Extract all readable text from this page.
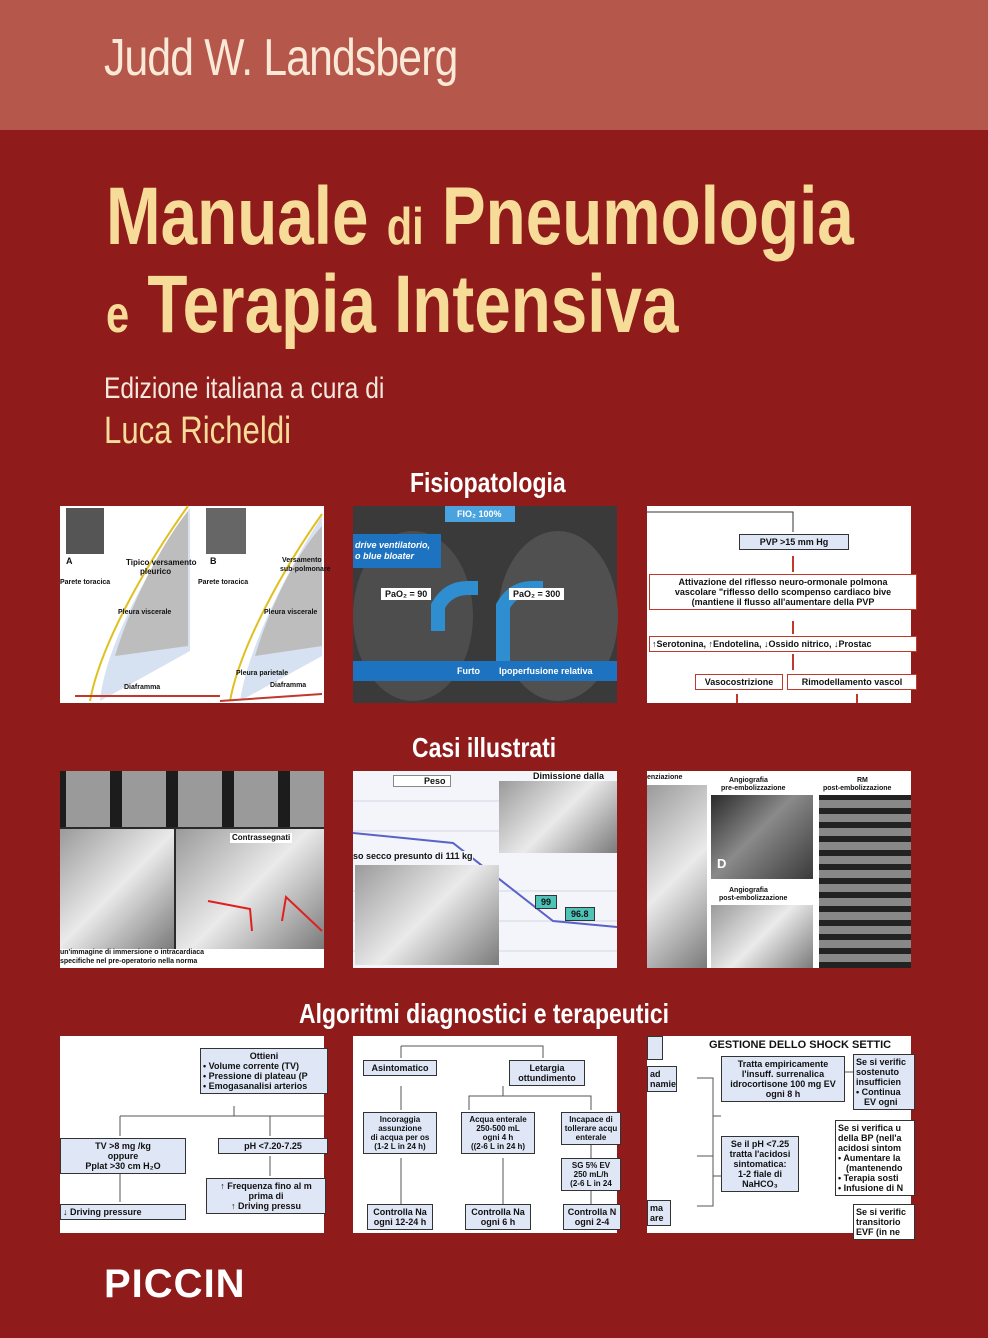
Judd W. Landsberg
Manuale di Pneumologia
e Terapia Intensiva
Edizione italiana a cura di
Luca Richeldi
Fisiopatologia
A	B
Tipico versamento
pleurico
Parete toracica
Pleura viscerale
Diaframma
Versamento
sub-polmonare
Parete toracica
Pleura viscerale
Pleura parietale
Diaframma
FIO₂ 100%
drive ventilatorio,
o blue bloater
PaO₂ = 90	PaO₂ = 300
Furto Ipoperfusione relativa
PVP >15 mm Hg
Attivazione del riflesso neuro-ormonale polmona
vascolare "riflesso dello scompenso cardiaco bive
(mantiene il flusso all'aumentare della PVP
↑Serotonina, ↑Endotelina, ↓Ossido nitrico, ↓Prostac
Vasocostrizione	Rimodellamento vascol
Casi illustrati
Contrassegnati
un'immagine di immersione o intracardiaca
specifiche nel pre-operatorio nella norma
Peso	Dimissione dalla
so secco presunto di 111 kg
99
96.8
enziazione	Angiografia
pre-embolizzazione
D
RM
post-embolizzazione
Angiografia
post-embolizzazione
Algoritmi diagnostici e terapeutici
Ottieni
• Volume corrente (TV)
• Pressione di plateau (P
• Emogasanalisi arterios
TV >8 mg /kg
oppure
Pplat >30 cm H₂O
pH <7.20-7.25
↓ Driving pressure
↑ Frequenza fino al m
prima di
↑ Driving pressu
Asintomatico	Letargia
ottundimento
Incoraggia
assunzione
di acqua per os
(1-2 L in 24 h)
Acqua enterale
250-500 mL
ogni 4 h
((2-6 L in 24 h)
Incapace di
tollerare acqu
enterale
SG 5% EV
250 mL/h
(2-6 L in 24
Controlla Na
ogni 12-24 h
Controlla Na
ogni 6 h
Controlla N
ogni 2-4
ad
namie
ma
are
GESTIONE DELLO SHOCK SETTIC
Tratta empiricamente
l'insuff. surrenalica
idrocortisone 100 mg EV
ogni 8 h
Se si verific
sostenuto
insufficien
• Continua
EV ogni
Se il pH <7.25
tratta l'acidosi
sintomatica:
1-2 fiale di
NaHCO₃
Se si verifica u
della BP (nell'a
acidosi sintom
• Aumentare la
(mantenendo
• Terapia sosti
• Infusione di N
Se si verific
transitorio
EVF (in ne
PICCIN
